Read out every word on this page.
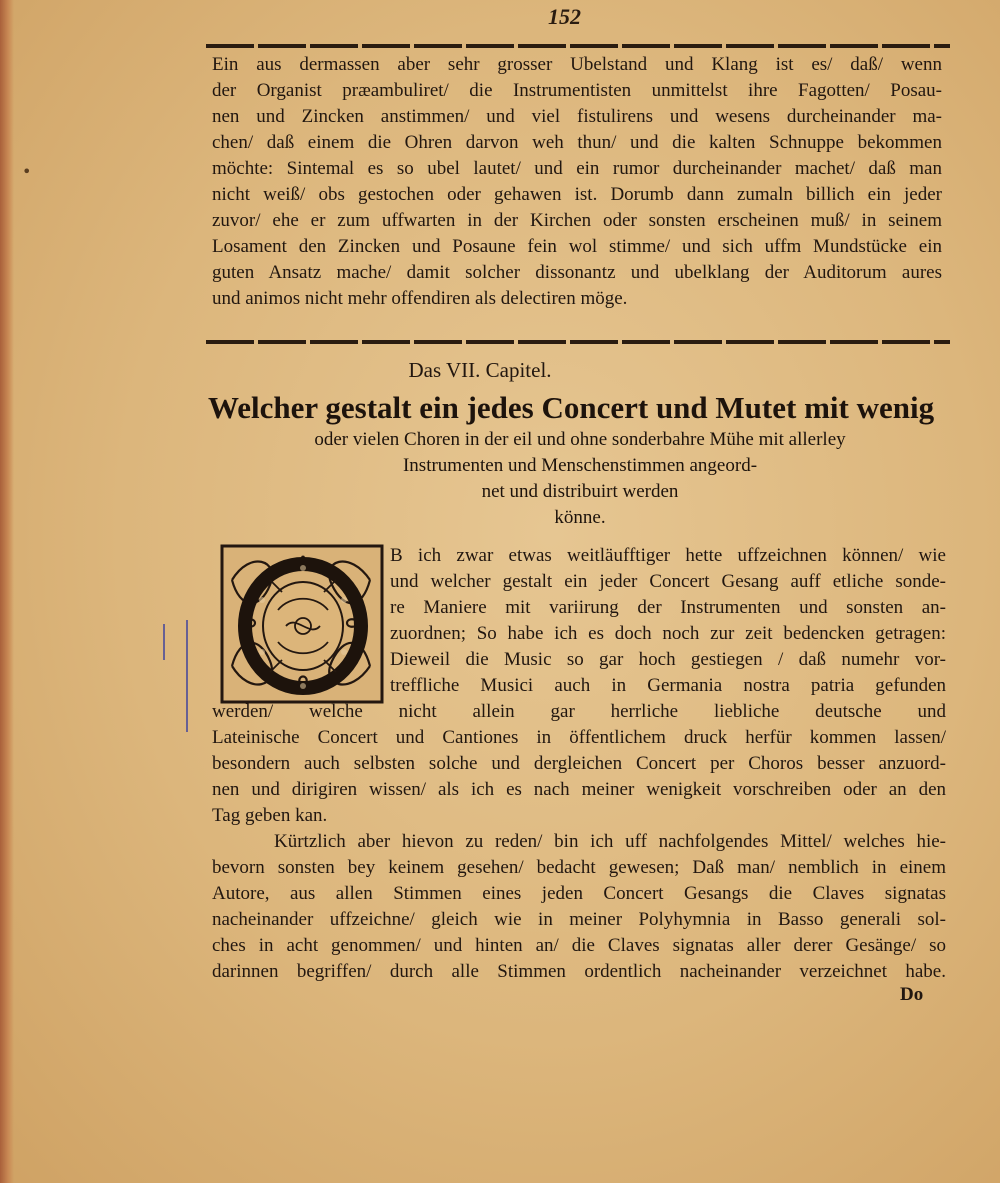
152
Ein aus dermassen aber sehr grosser Ubelstand und Klang ist es/ daß/ wenn
der Organist præambuliret/ die Instrumentisten unmittelst ihre Fagotten/ Posau-
nen und Zincken anstimmen/ und viel fistulirens und wesens durcheinander ma-
chen/ daß einem die Ohren darvon weh thun/ und die kalten Schnuppe bekommen
möchte: Sintemal es so ubel lautet/ und ein rumor durcheinander machet/ daß man
nicht weiß/ obs gestochen oder gehawen ist. Dorumb dann zumaln billich ein jeder
zuvor/ ehe er zum uffwarten in der Kirchen oder sonsten erscheinen muß/ in seinem
Losament den Zincken und Posaune fein wol stimme/ und sich uffm Mundstücke ein
guten Ansatz mache/ damit solcher dissonantz und ubelklang der Auditorum aures
und animos nicht mehr offendiren als delectiren möge.
Das VII. Capitel.
Welcher gestalt ein jedes Concert und Mutet mit wenig
oder vielen Choren in der eil und ohne sonderbahre Mühe mit allerley
Instrumenten und Menschenstimmen angeord-
net und distribuirt werden
könne.
B ich zwar etwas weitläufftiger hette uffzeichnen können/ wie
und welcher gestalt ein jeder Concert Gesang auff etliche sonde-
re Maniere mit variirung der Instrumenten und sonsten an-
zuordnen; So habe ich es doch noch zur zeit bedencken getragen:
Dieweil die Music so gar hoch gestiegen / daß numehr vor-
treffliche Musici auch in Germania nostra patria gefunden
werden/ welche nicht allein gar herrliche liebliche deutsche und
Lateinische Concert und Cantiones in öffentlichem druck herfür kommen lassen/
besondern auch selbsten solche und dergleichen Concert per Choros besser anzuord-
nen und dirigiren wissen/ als ich es nach meiner wenigkeit vorschreiben oder an den
Tag geben kan.
Kürtzlich aber hievon zu reden/ bin ich uff nachfolgendes Mittel/ welches hie-
bevorn sonsten bey keinem gesehen/ bedacht gewesen; Daß man/ nemblich in einem
Autore, aus allen Stimmen eines jeden Concert Gesangs die Claves signatas
nacheinander uffzeichne/ gleich wie in meiner Polyhymnia in Basso generali sol-
ches in acht genommen/ und hinten an/ die Claves signatas aller derer Gesänge/ so
darinnen begriffen/ durch alle Stimmen ordentlich nacheinander verzeichnet habe.
Do
•
